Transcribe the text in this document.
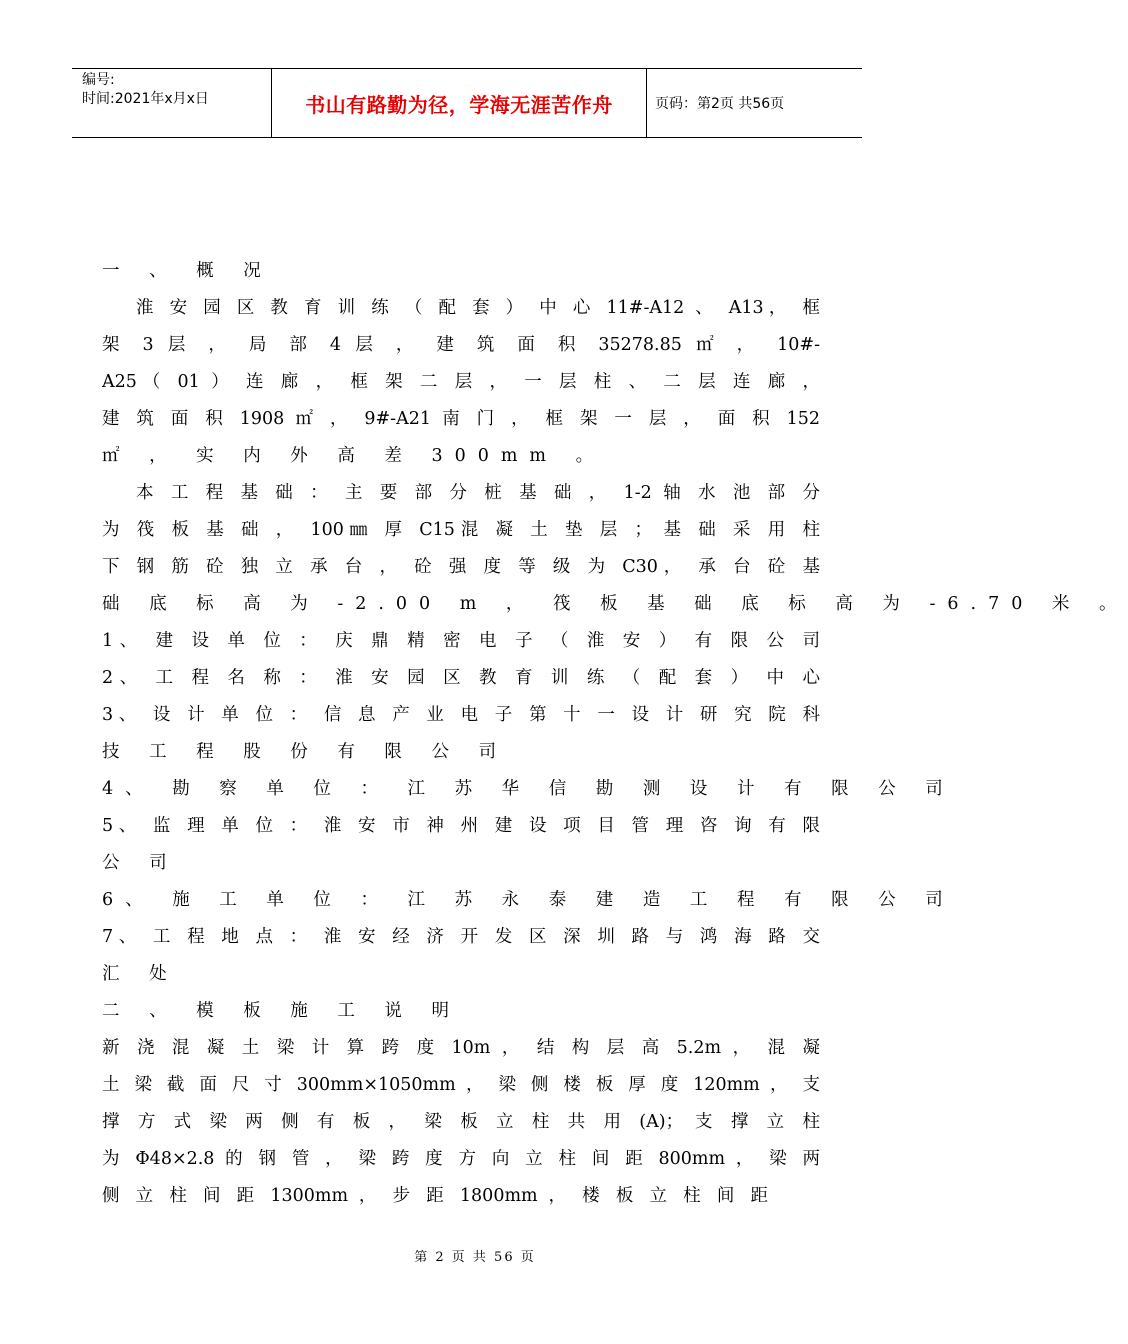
编号:
时间:2021年x月x日	书山有路勤为径，学海无涯苦作舟	页码：第2页 共56页
一 、 概 况
淮 安 园 区 教 育 训 练 （ 配 套 ） 中 心 11#-A12 、 A13， 框
架 3 层 ， 局 部 4 层 ， 建 筑 面 积 35278.85 ㎡ ， 10#-
A25（ 01 ） 连 廊 ， 框 架 二 层 ， 一 层 柱 、 二 层 连 廊 ，
建 筑 面 积 1908 ㎡ ， 9#-A21 南 门 ， 框 架 一 层 ， 面 积 152
㎡ ， 实 内 外 高 差 300mm 。
本 工 程 基 础 ： 主 要 部 分 桩 基 础 ， 1-2 轴 水 池 部 分
为 筏 板 基 础 ， 100㎜ 厚 C15混 凝 土 垫 层 ； 基 础 采 用 柱
下 钢 筋 砼 独 立 承 台 ， 砼 强 度 等 级 为 C30， 承 台 砼 基
础 底 标 高 为 -2.00 m ， 筏 板 基 础 底 标 高 为 -6.70 米 。
1、 建 设 单 位 ： 庆 鼎 精 密 电 子 （ 淮 安 ） 有 限 公 司
2、 工 程 名 称 ： 淮 安 园 区 教 育 训 练 （ 配 套 ） 中 心
3、 设 计 单 位 ： 信 息 产 业 电 子 第 十 一 设 计 研 究 院 科
技 工 程 股 份 有 限 公 司
4、 勘 察 单 位 ： 江 苏 华 信 勘 测 设 计 有 限 公 司
5、 监 理 单 位 ： 淮 安 市 神 州 建 设 项 目 管 理 咨 询 有 限
公 司
6、 施 工 单 位 ： 江 苏 永 泰 建 造 工 程 有 限 公 司
7、 工 程 地 点 ： 淮 安 经 济 开 发 区 深 圳 路 与 鸿 海 路 交
汇 处
二 、 模 板 施 工 说 明
新 浇 混 凝 土 梁 计 算 跨 度 10m ， 结 构 层 高 5.2m ， 混 凝
土 梁 截 面 尺 寸 300mm×1050mm ， 梁 侧 楼 板 厚 度 120mm ， 支
撑 方 式 梁 两 侧 有 板 ， 梁 板 立 柱 共 用 (A)； 支 撑 立 柱
为 Φ48×2.8 的 钢 管 ， 梁 跨 度 方 向 立 柱 间 距 800mm ， 梁 两
侧 立 柱 间 距 1300mm ， 步 距 1800mm ， 楼 板 立 柱 间 距
第 2 页 共 56 页
